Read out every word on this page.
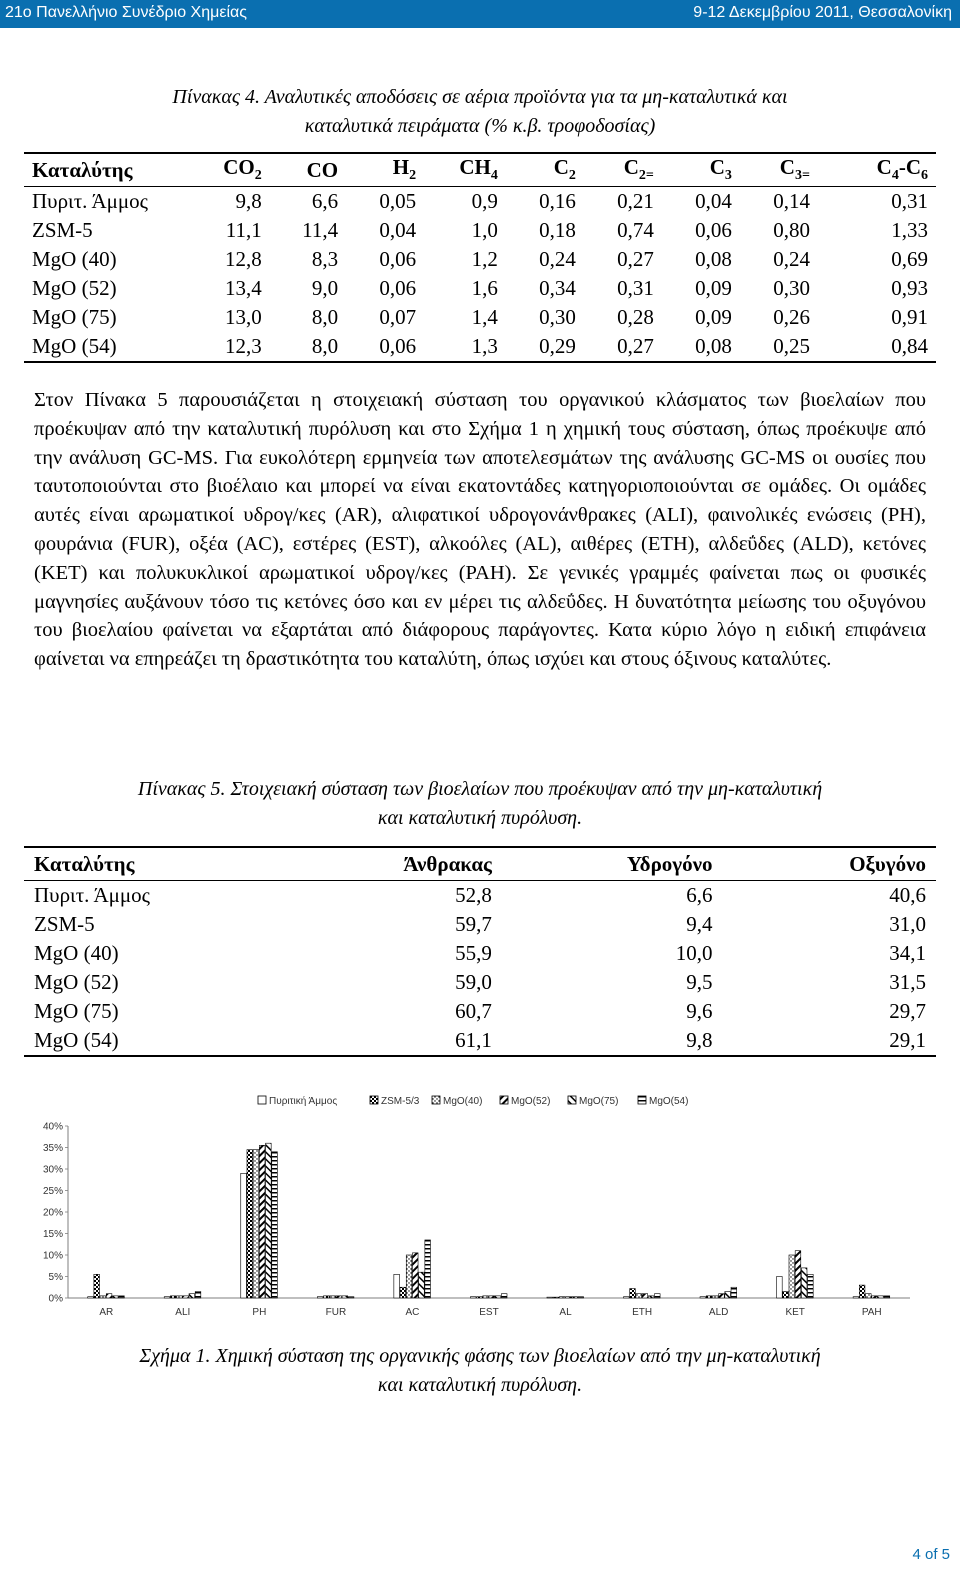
21ο Πανελλήνιο Συνέδριο Χημείας	9-12 Δεκεμβρίου 2011, Θεσσαλονίκη
Πίνακας 4. Αναλυτικές αποδόσεις σε αέρια προϊόντα για τα μη-καταλυτικά και
καταλυτικά πειράματα (% κ.β. τροφοδοσίας)
Καταλύτης	$CO_2$	CO	$H_2$	$CH_4$	$C_2$	$C_{2=}$	$C_3$	$C_{3=}$	$C_4-C_6$
Πυριτ. Άμμος	9,8	6,6	0,05	0,9	0,16	0,21	0,04	0,14	0,31
ZSM-5	11,1	11,4	0,04	1,0	0,18	0,74	0,06	0,80	1,33
MgO (40)	12,8	8,3	0,06	1,2	0,24	0,27	0,08	0,24	0,69
MgO (52)	13,4	9,0	0,06	1,6	0,34	0,31	0,09	0,30	0,93
MgO (75)	13,0	8,0	0,07	1,4	0,30	0,28	0,09	0,26	0,91
MgO (54)	12,3	8,0	0,06	1,3	0,29	0,27	0,08	0,25	0,84
Στον Πίνακα 5 παρουσιάζεται η στοιχειακή σύσταση του οργανικού κλάσματος των βιοελαίων που προέκυψαν από την καταλυτική πυρόλυση και στο Σχήμα 1 η χημική τους σύσταση, όπως προέκυψε από την ανάλυση GC-MS. Για ευκολότερη ερμηνεία των αποτελεσμάτων της ανάλυσης GC-MS οι ουσίες που ταυτοποιούνται στο βιοέλαιο και μπορεί να είναι εκατοντάδες κατηγοριοποιούνται σε ομάδες. Οι ομάδες αυτές είναι αρωματικοί υδρογ/κες (AR), αλιφατικοί υδρογονάνθρακες (ALI), φαινολικές ενώσεις (PH), φουράνια (FUR), οξέα (AC), εστέρες (EST), αλκοόλες (AL), αιθέρες (ETH), αλδεΰδες (ALD), κετόνες (KET) και πολυκυκλικοί αρωματικοί υδρογ/κες (PAH). Σε γενικές γραμμές φαίνεται πως οι φυσικές μαγνησίες αυξάνουν τόσο τις κετόνες όσο και εν μέρει τις αλδεΰδες. Η δυνατότητα μείωσης του οξυγόνου του βιοελαίου φαίνεται να εξαρτάται από διάφορους παράγοντες. Κατα κύριο λόγο η ειδική επιφάνεια φαίνεται να επηρεάζει τη δραστικότητα του καταλύτη, όπως ισχύει και στους όξινους καταλύτες.
Πίνακας 5. Στοιχειακή σύσταση των βιοελαίων που προέκυψαν από την μη-καταλυτική
και καταλυτική πυρόλυση.
Καταλύτης	Άνθρακας	Υδρογόνο	Οξυγόνο
Πυριτ. Άμμος	52,8	6,6	40,6
ZSM-5	59,7	9,4	31,0
MgO (40)	55,9	10,0	34,1
MgO (52)	59,0	9,5	31,5
MgO (75)	60,7	9,6	29,7
MgO (54)	61,1	9,8	29,1
Πυριτική Άμμος	ZSM-5/3 MgO(40)	MgO(52)	MgO(75)	MgO(54)
0%
5%
10%
15%
20%
25%
30%
35%
40%
AR	ALI	PH	FUR	AC	EST	AL	ETH	ALD	KET	PAH
Σχήμα 1. Χημική σύσταση της οργανικής φάσης των βιοελαίων από την μη-καταλυτική
και καταλυτική πυρόλυση.
4 of 5
